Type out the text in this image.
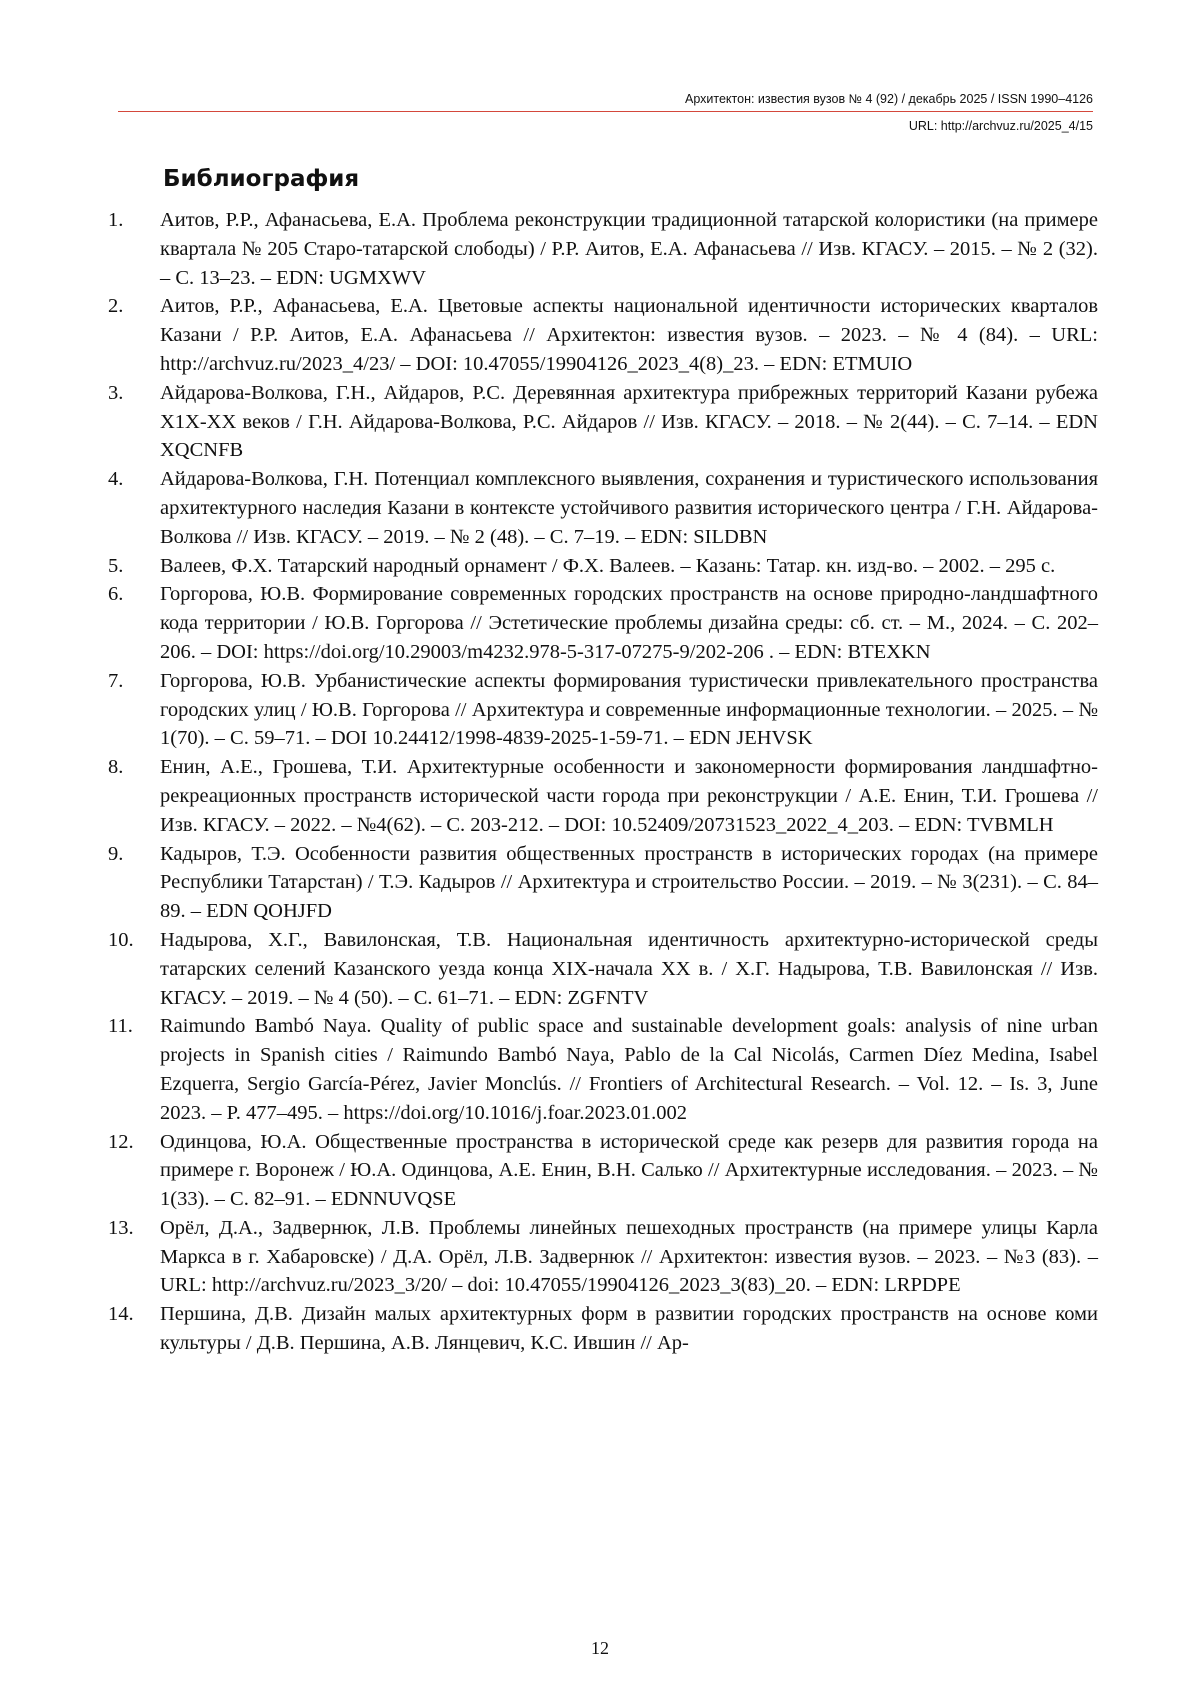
Архитектон: известия вузов № 4 (92) / декабрь 2025 / ISSN 1990–4126
URL: http://archvuz.ru/2025_4/15
Библиография
1.	Аитов, Р.Р., Афанасьева, Е.А. Проблема реконструкции традиционной татарской колористики (на примере квартала № 205 Старо-татарской слободы) / Р.Р. Аитов, Е.А. Афанасьева // Изв. КГАСУ. – 2015. – № 2 (32). – С. 13–23. – EDN: UGMXWV
2.	Аитов, Р.Р., Афанасьева, Е.А. Цветовые аспекты национальной идентичности исторических кварталов Казани / Р.Р. Аитов, Е.А. Афанасьева // Архитектон: известия вузов. – 2023. – № 4 (84). – URL: http://archvuz.ru/2023_4/23/ – DOI: 10.47055/19904126_2023_4(8)_23. – EDN: ETMUIO
3.	Айдарова-Волкова, Г.Н., Айдаров, Р.С. Деревянная архитектура прибрежных территорий Казани рубежа Х1Х-ХХ веков / Г.Н. Айдарова-Волкова, Р.С. Айдаров // Изв. КГАСУ. – 2018. – № 2(44). – С. 7–14. – EDN XQCNFB
4.	Айдарова-Волкова, Г.Н. Потенциал комплексного выявления, сохранения и туристического использования архитектурного наследия Казани в контексте устойчивого развития исторического центра / Г.Н. Айдарова-Волкова // Изв. КГАСУ. – 2019. – № 2 (48). – С. 7–19. – EDN: SILDBN
5.	Валеев, Ф.Х. Татарский народный орнамент / Ф.Х. Валеев. – Казань: Татар. кн. изд-во. – 2002. – 295 с.
6.	Горгорова, Ю.В. Формирование современных городских пространств на основе природно-ландшафтного кода территории / Ю.В. Горгорова // Эстетические проблемы дизайна среды: сб. ст. – М., 2024. – С. 202–206. – DOI: https://doi.org/10.29003/m4232.978-5-317-07275-9/202-206 . – EDN: BTEXKN
7.	Горгорова, Ю.В. Урбанистические аспекты формирования туристически привлекательного пространства городских улиц / Ю.В. Горгорова // Архитектура и современные информационные технологии. – 2025. – № 1(70). – С. 59–71. – DOI 10.24412/1998-4839-2025-1-59-71. – EDN JEHVSK
8.	Енин, А.Е., Грошева, Т.И. Архитектурные особенности и закономерности формирования ландшафтно-рекреационных пространств исторической части города при реконструкции / А.Е. Енин, Т.И. Грошева // Изв. КГАСУ. – 2022. – №4(62). – С. 203-212. – DOI: 10.52409/20731523_2022_4_203. – EDN: TVBMLH
9.	Кадыров, Т.Э. Особенности развития общественных пространств в исторических городах (на примере Республики Татарстан) / Т.Э. Кадыров // Архитектура и строительство России. – 2019. – № 3(231). – С. 84–89. – EDN QOHJFD
10.	Надырова, Х.Г., Вавилонская, Т.В. Национальная идентичность архитектурно-исторической среды татарских селений Казанского уезда конца XIX-начала XX в. / Х.Г. Надырова, Т.В. Вавилонская // Изв. КГАСУ. – 2019. – № 4 (50). – С. 61–71. – EDN: ZGFNTV
11.	Raimundo Bambó Naya. Quality of public space and sustainable development goals: analysis of nine urban projects in Spanish cities / Raimundo Bambó Naya, Pablo de la Cal Nicolás, Carmen Díez Medina, Isabel Ezquerra, Sergio García-Pérez, Javier Monclús. // Frontiers of Architectural Research. – Vol. 12. – Is. 3, June 2023. – P. 477–495. – https://doi.org/10.1016/j.foar.2023.01.002
12.	Одинцова, Ю.А. Общественные пространства в исторической среде как резерв для развития города на примере г. Воронеж / Ю.А. Одинцова, А.Е. Енин, В.Н. Салько // Архитектурные исследования. – 2023. – № 1(33). – С. 82–91. – EDNNUVQSE
13.	Орёл, Д.А., Задвернюк, Л.В. Проблемы линейных пешеходных пространств (на примере улицы Карла Маркса в г. Хабаровске) / Д.А. Орёл, Л.В. Задвернюк // Архитектон: известия вузов. – 2023. – №3 (83). – URL: http://archvuz.ru/2023_3/20/ – doi: 10.47055/19904126_2023_3(83)_20. – EDN: LRPDPE
14.	Першина, Д.В. Дизайн малых архитектурных форм в развитии городских пространств на основе коми культуры / Д.В. Першина, А.В. Лянцевич, К.С. Ившин // Ар-
12
